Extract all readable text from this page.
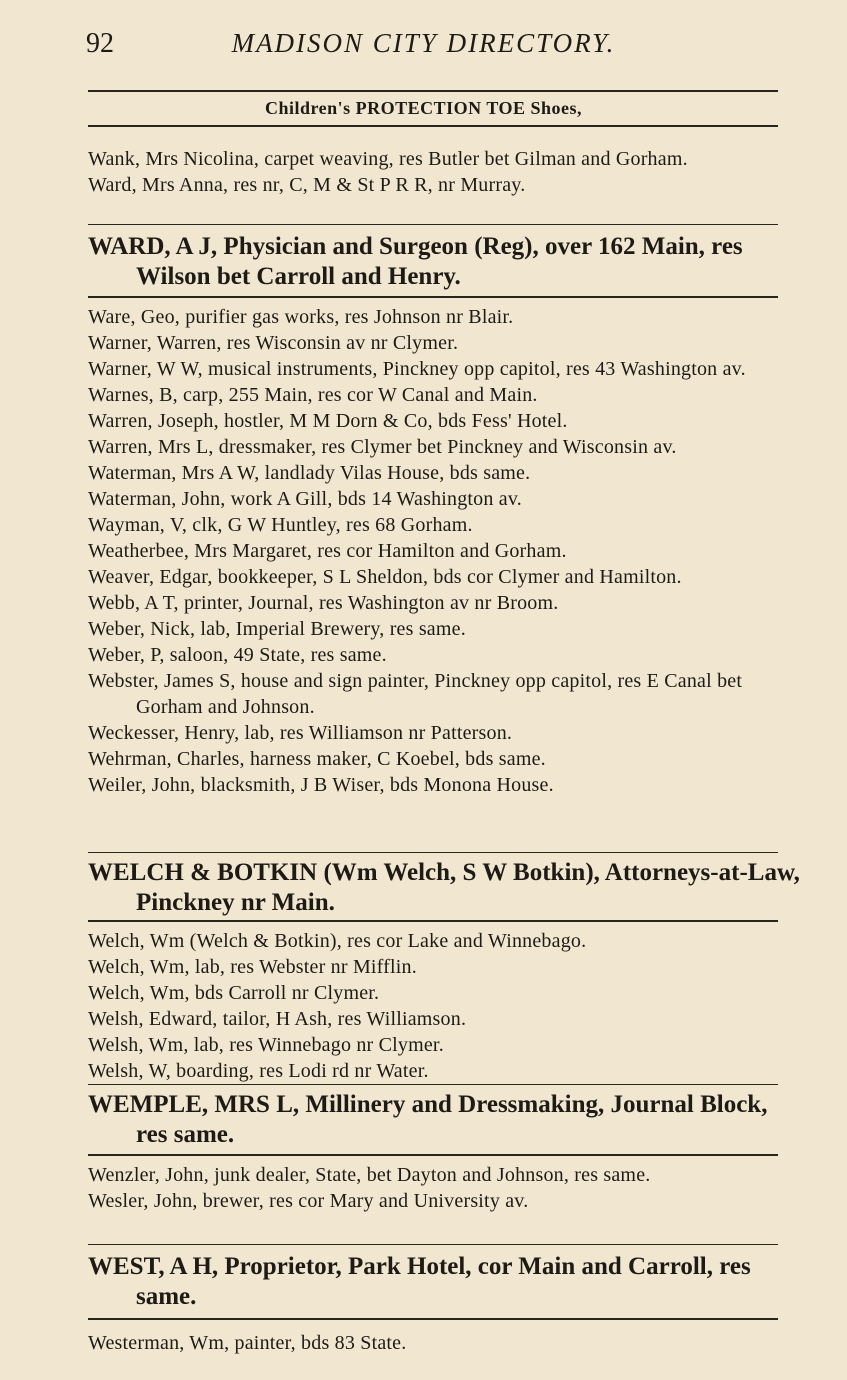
92	MADISON CITY DIRECTORY.
Children's PROTECTION TOE Shoes,

Wank, Mrs Nicolina, carpet weaving, res Butler bet Gilman and Gorham.

Ward, Mrs Anna, res nr, C, M & St P R R, nr Murray.

WARD, A J, Physician and Surgeon (Reg), over 162 Main, res Wilson bet Carroll and Henry.

Ware, Geo, purifier gas works, res Johnson nr Blair.

Warner, Warren, res Wisconsin av nr Clymer.

Warner, W W, musical instruments, Pinckney opp capitol, res 43 Washington av.

Warnes, B, carp, 255 Main, res cor W Canal and Main.

Warren, Joseph, hostler, M M Dorn & Co, bds Fess' Hotel.

Warren, Mrs L, dressmaker, res Clymer bet Pinckney and Wisconsin av.

Waterman, Mrs A W, landlady Vilas House, bds same.

Waterman, John, work A Gill, bds 14 Washington av.

Wayman, V, clk, G W Huntley, res 68 Gorham.

Weatherbee, Mrs Margaret, res cor Hamilton and Gorham.

Weaver, Edgar, bookkeeper, S L Sheldon, bds cor Clymer and Hamilton.

Webb, A T, printer, Journal, res Washington av nr Broom.

Weber, Nick, lab, Imperial Brewery, res same.

Weber, P, saloon, 49 State, res same.

Webster, James S, house and sign painter, Pinckney opp capitol, res E Canal bet Gorham and Johnson.

Weckesser, Henry, lab, res Williamson nr Patterson.

Wehrman, Charles, harness maker, C Koebel, bds same.

Weiler, John, blacksmith, J B Wiser, bds Monona House.

WELCH & BOTKIN (Wm Welch, S W Botkin), Attorneys-at-Law, Pinckney nr Main.

Welch, Wm (Welch & Botkin), res cor Lake and Winnebago.

Welch, Wm, lab, res Webster nr Mifflin.

Welch, Wm, bds Carroll nr Clymer.

Welsh, Edward, tailor, H Ash, res Williamson.

Welsh, Wm, lab, res Winnebago nr Clymer.

Welsh, W, boarding, res Lodi rd nr Water.

WEMPLE, MRS L, Millinery and Dressmaking, Journal Block, res same.

Wenzler, John, junk dealer, State, bet Dayton and Johnson, res same.

Wesler, John, brewer, res cor Mary and University av.

WEST, A H, Proprietor, Park Hotel, cor Main and Carroll, res same.

Westerman, Wm, painter, bds 83 State.
